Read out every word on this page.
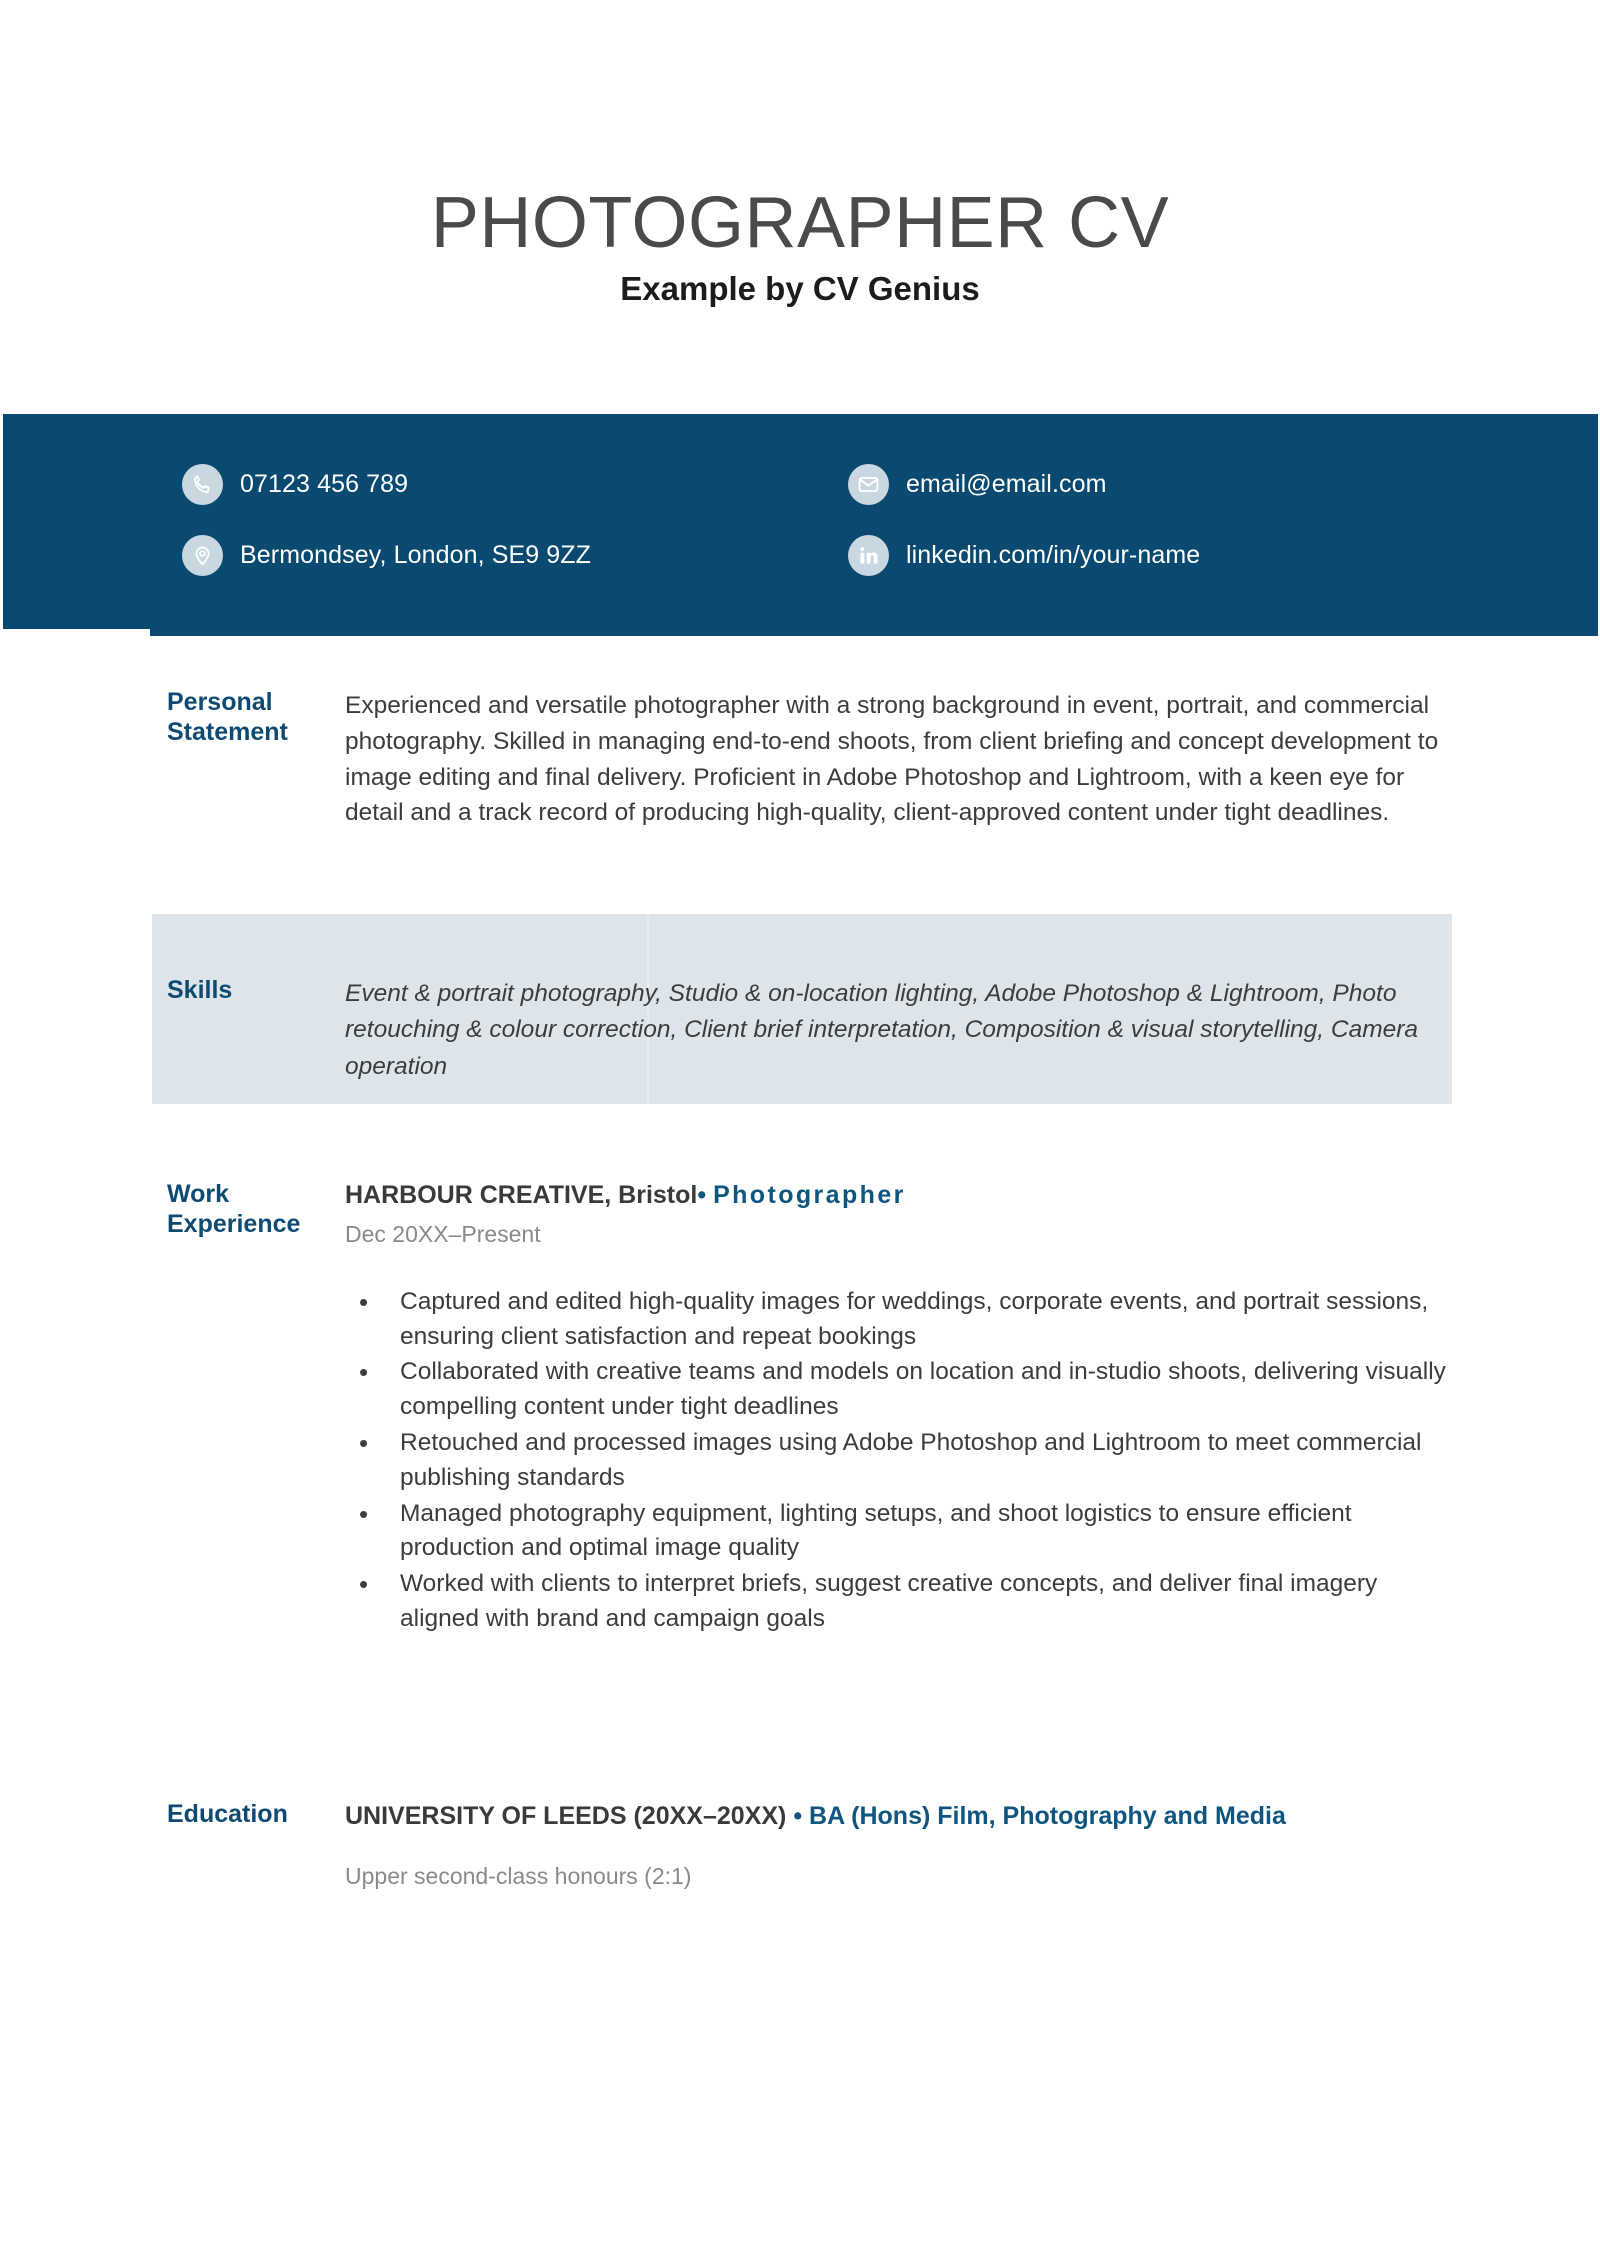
PHOTOGRAPHER CV
Example by CV Genius
07123 456 789
Bermondsey, London, SE9 9ZZ
email@email.com
linkedin.com/in/your-name
Personal Statement
Experienced and versatile photographer with a strong background in event, portrait, and commercial photography. Skilled in managing end-to-end shoots, from client briefing and concept development to image editing and final delivery. Proficient in Adobe Photoshop and Lightroom, with a keen eye for detail and a track record of producing high-quality, client-approved content under tight deadlines.
Skills	Event & portrait photography, Studio & on-location lighting, Adobe Photoshop & Lightroom, Photo retouching & colour correction, Client brief interpretation, Composition & visual storytelling, Camera operation
Work Experience
HARBOUR CREATIVE, Bristol• Photographer
Dec 20XX–Present
• Captured and edited high-quality images for weddings, corporate events, and portrait sessions, ensuring client satisfaction and repeat bookings
• Collaborated with creative teams and models on location and in-studio shoots, delivering visually compelling content under tight deadlines
• Retouched and processed images using Adobe Photoshop and Lightroom to meet commercial publishing standards
• Managed photography equipment, lighting setups, and shoot logistics to ensure efficient production and optimal image quality
• Worked with clients to interpret briefs, suggest creative concepts, and deliver final imagery aligned with brand and campaign goals
Education	UNIVERSITY OF LEEDS (20XX–20XX) • BA (Hons) Film, Photography and Media
Upper second-class honours (2:1)
